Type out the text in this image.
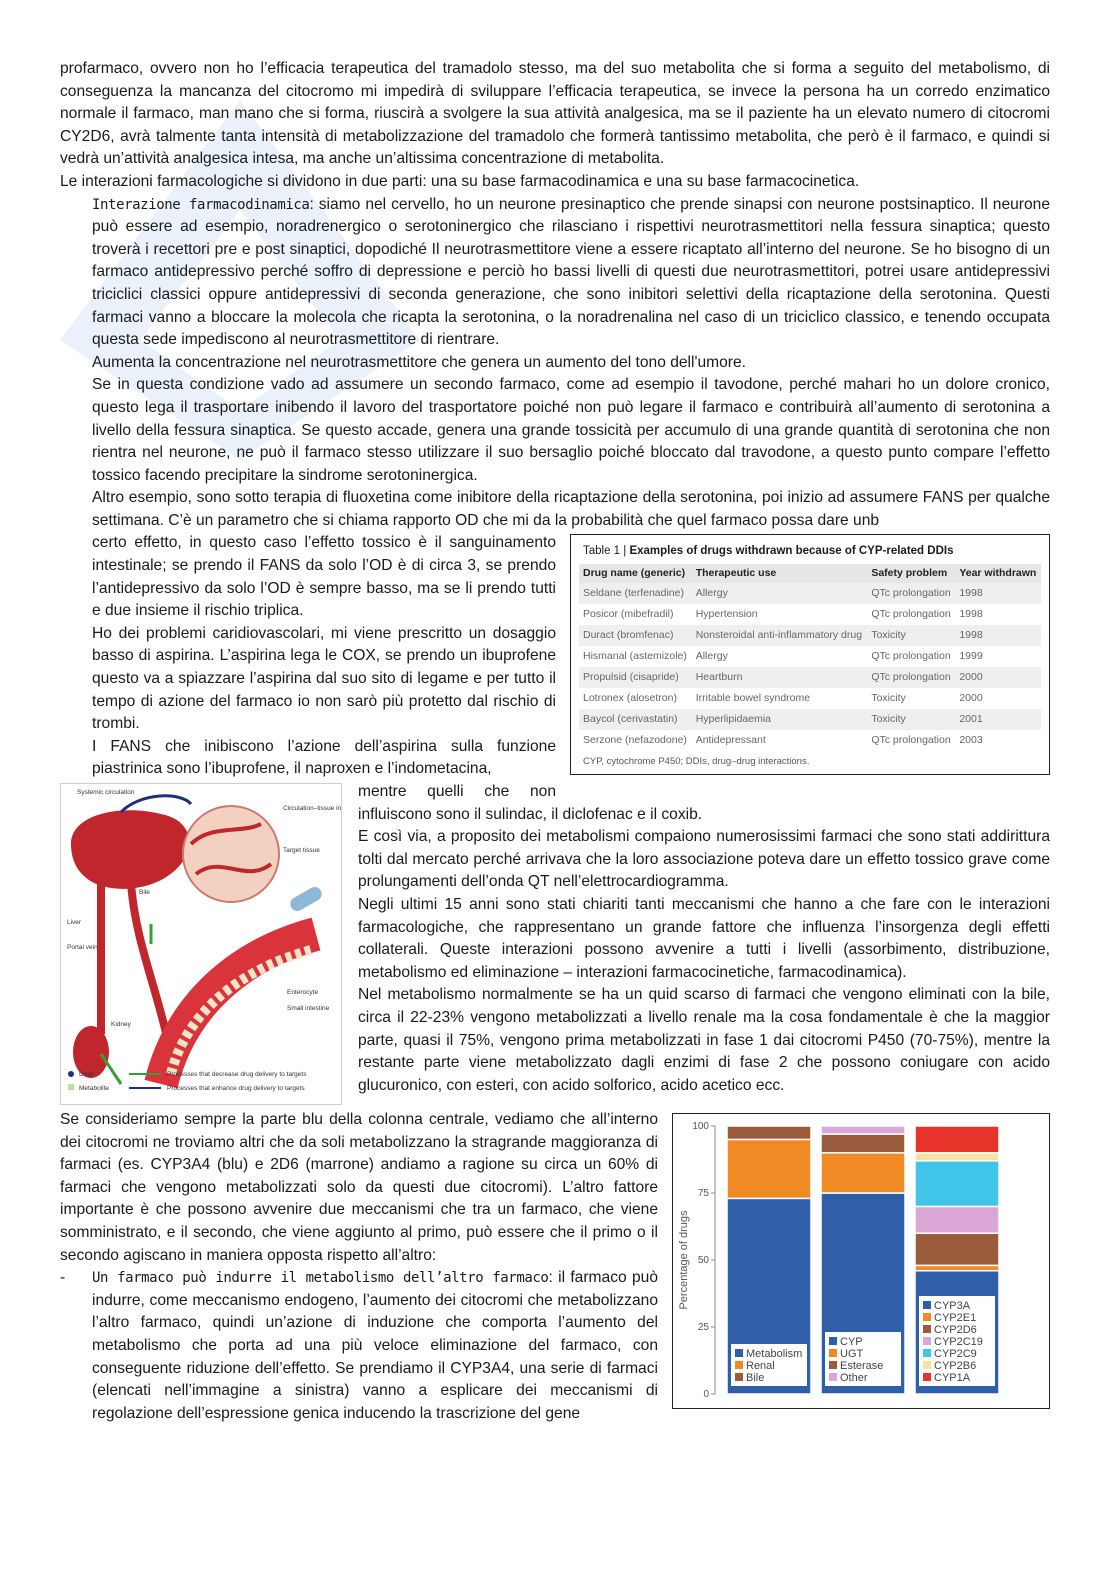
profarmaco, ovvero non ho l’efficacia terapeutica del tramadolo stesso, ma del suo metabolita che si forma a seguito del metabolismo, di conseguenza la mancanza del citocromo mi impedirà di sviluppare l’efficacia terapeutica, se invece la persona ha un corredo enzimatico normale il farmaco, man mano che si forma, riuscirà a svolgere la sua attività analgesica, ma se il paziente ha un elevato numero di citocromi CY2D6, avrà talmente tanta intensità di metabolizzazione del tramadolo che formerà tantissimo metabolita, che però è il farmaco, e quindi si vedrà un’attività analgesica intesa, ma anche un’altissima concentrazione di metabolita.

Le interazioni farmacologiche si dividono in due parti: una su base farmacodinamica e una su base farmacocinetica.

Interazione farmacodinamica: siamo nel cervello, ho un neurone presinaptico che prende sinapsi con neurone postsinaptico. Il neurone può essere ad esempio, noradrenergico o serotoninergico che rilasciano i rispettivi neurotrasmettitori nella fessura sinaptica; questo troverà i recettori pre e post sinaptici, dopodiché Il neurotrasmettitore viene a essere ricaptato all’interno del neurone. Se ho bisogno di un farmaco antidepressivo perché soffro di depressione e perciò ho bassi livelli di questi due neurotrasmettitori, potrei usare antidepressivi triciclici classici oppure antidepressivi di seconda generazione, che sono inibitori selettivi della ricaptazione della serotonina. Questi farmaci vanno a bloccare la molecola che ricapta la serotonina, o la noradrenalina nel caso di un triciclico classico, e tenendo occupata questa sede impediscono al neurotrasmettitore di rientrare.

Aumenta la concentrazione nel neurotrasmettitore che genera un aumento del tono dell'umore.

Se in questa condizione vado ad assumere un secondo farmaco, come ad esempio il tavodone, perché mahari ho un dolore cronico, questo lega il trasportare inibendo il lavoro del trasportatore poiché non può legare il farmaco e contribuirà all’aumento di serotonina a livello della fessura sinaptica. Se questo accade, genera una grande tossicità per accumulo di una grande quantità di serotonina che non rientra nel neurone, ne può il farmaco stesso utilizzare il suo bersaglio poiché bloccato dal travodone, a questo punto compare l’effetto tossico facendo precipitare la sindrome serotoninergica.

Altro esempio, sono sotto terapia di fluoxetina come inibitore della ricaptazione della serotonina, poi inizio ad assumere FANS per qualche settimana. C’è un parametro che si chiama rapporto OD che mi da la probabilità che quel farmaco possa dare unb

Table 1 | Examples of drugs withdrawn because of CYP-related DDIs
Drug name (generic)	Therapeutic use	Safety problem	Year withdrawn
Seldane (terfenadine)	Allergy	QTc prolongation	1998
Posicor (mibefradil)	Hypertension	QTc prolongation	1998
Duract (bromfenac)	Nonsteroidal anti-inflammatory drug	Toxicity	1998
Hismanal (astemizole)	Allergy	QTc prolongation	1999
Propulsid (cisapride)	Heartburn	QTc prolongation	2000
Lotronex (alosetron)	Irritable bowel syndrome	Toxicity	2000
Baycol (cerivastatin)	Hyperlipidaemia	Toxicity	2001
Serzone (nefazodone)	Antidepressant	QTc prolongation	2003
CYP, cytochrome P450; DDIs, drug–drug interactions.

certo effetto, in questo caso l’effetto tossico è il sanguinamento intestinale; se prendo il FANS da solo l’OD è di circa 3, se prendo l’antidepressivo da solo l’OD è sempre basso, ma se li prendo tutti e due insieme il rischio triplica.

Ho dei problemi caridiovascolari, mi viene prescritto un dosaggio basso di aspirina. L’aspirina lega le COX, se prendo un ibuprofene questo va a spiazzare l’aspirina dal suo sito di legame e per tutto il tempo di azione del farmaco io non sarò più protetto dal rischio di trombi.

I FANS che inibiscono l’azione dell’aspirina sulla funzione piastrinica sono l’ibuprofene, il naproxen e l’indometacina,

Systemic circulation
Circulation–tissue in
Target tissue
Bile
Liver
Portal vein
Enterocyte
Small intestine
Kidney
Drug
Metabolite
Processes that decrease drug delivery to targets
Processes that enhance drug delivery to targets

mentre quelli che non influiscono sono il sulindac, il diclofenac e il coxib.

E così via, a proposito dei metabolismi compaiono numerosissimi farmaci che sono stati addirittura tolti dal mercato perché arrivava che la loro associazione poteva dare un effetto tossico grave come prolungamenti dell’onda QT nell’elettrocardiogramma.

Negli ultimi 15 anni sono stati chiariti tanti meccanismi che hanno a che fare con le interazioni farmacologiche, che rappresentano un grande fattore che influenza l’insorgenza degli effetti collaterali. Queste interazioni possono avvenire a tutti i livelli (assorbimento, distribuzione, metabolismo ed eliminazione – interazioni farmacocinetiche, farmacodinamica).

Nel metabolismo normalmente se ha un quid scarso di farmaci che vengono eliminati con la bile, circa il 22-23% vengono metabolizzati a livello renale ma la cosa fondamentale è che la maggior parte, quasi il 75%, vengono prima metabolizzati in fase 1 dai citocromi P450 (70-75%), mentre la restante parte viene metabolizzato dagli enzimi di fase 2 che possono coniugare con acido glucuronico, con esteri, con acido solforico, acido acetico ecc.

0
25
50
75
100
Percentage of drugs
Metabolism
Renal
Bile
CYP
UGT
Esterase
Other
CYP3A
CYP2E1
CYP2D6
CYP2C19
CYP2C9
CYP2B6
CYP1A

Se consideriamo sempre la parte blu della colonna centrale, vediamo che all’interno dei citocromi ne troviamo altri che da soli metabolizzano la stragrande maggioranza di farmaci (es. CYP3A4 (blu) e 2D6 (marrone) andiamo a ragione su circa un 60% di farmaci che vengono metabolizzati solo da questi due citocromi). L’altro fattore importante è che possono avvenire due meccanismi che tra un farmaco, che viene somministrato, e il secondo, che viene aggiunto al primo, può essere che il primo o il secondo agiscano in maniera opposta rispetto all’altro:

- Un farmaco può indurre il metabolismo dell’altro farmaco: il farmaco può indurre, come meccanismo endogeno, l’aumento dei citocromi che metabolizzano l’altro farmaco, quindi un’azione di induzione che comporta l’aumento del metabolismo che porta ad una più veloce eliminazione del farmaco, con conseguente riduzione dell’effetto. Se prendiamo il CYP3A4, una serie di farmaci (elencati nell’immagine a sinistra) vanno a esplicare dei meccanismi di regolazione dell’espressione genica inducendo la trascrizione del gene
